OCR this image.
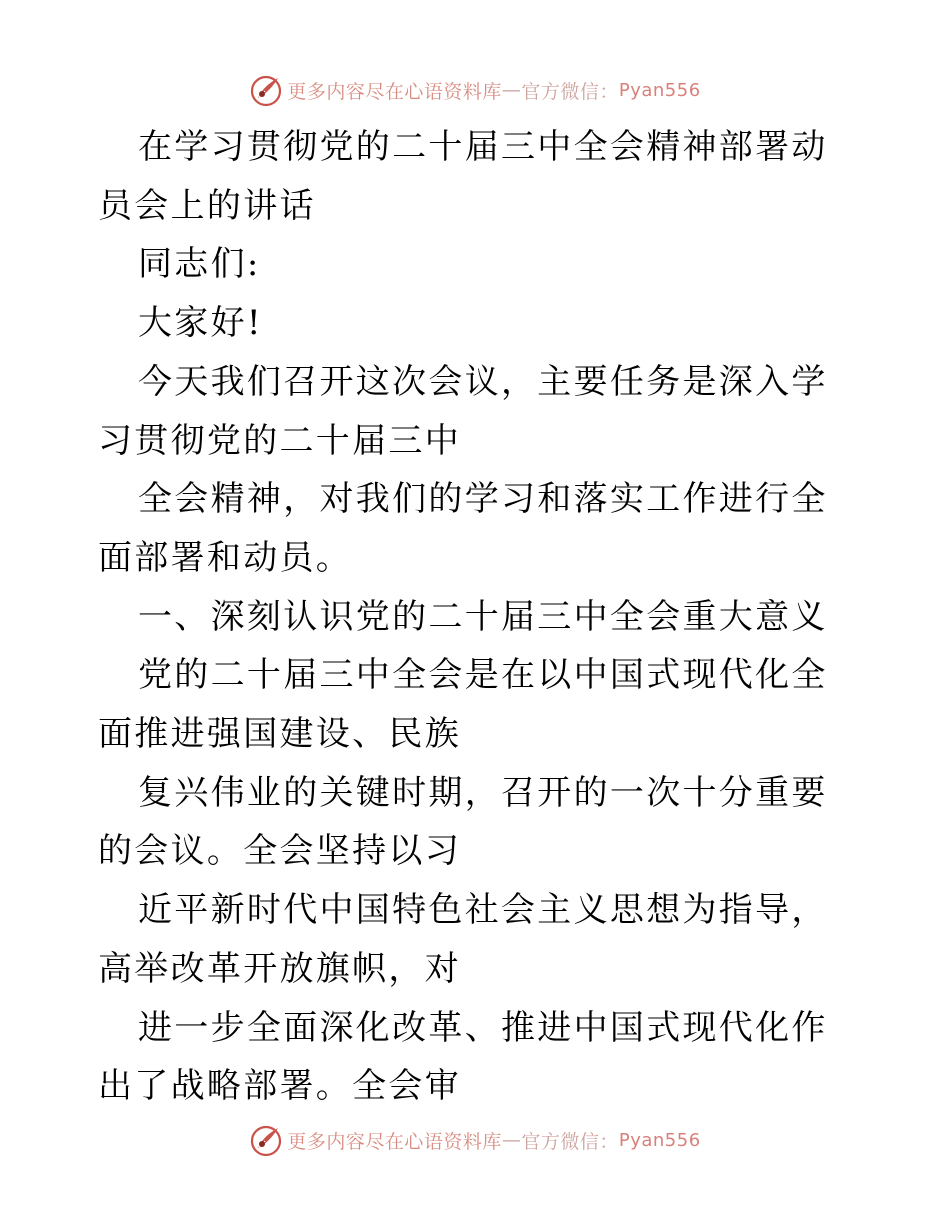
更多内容尽在心语资料库 — 官方微信： Pyan556

在学习贯彻党的二十届三中全会精神部署动员会上的讲话

同志们:

大家好!

今天我们召开这次会议，主要任务是深入学习贯彻党的二十届三中

全会精神，对我们的学习和落实工作进行全面部署和动员。

一、深刻认识党的二十届三中全会重大意义

党的二十届三中全会是在以中国式现代化全面推进强国建设、民族

复兴伟业的关键时期，召开的一次十分重要的会议。全会坚持以习

近平新时代中国特色社会主义思想为指导，高举改革开放旗帜，对

进一步全面深化改革、推进中国式现代化作出了战略部署。全会审

更多内容尽在心语资料库 — 官方微信： Pyan556
